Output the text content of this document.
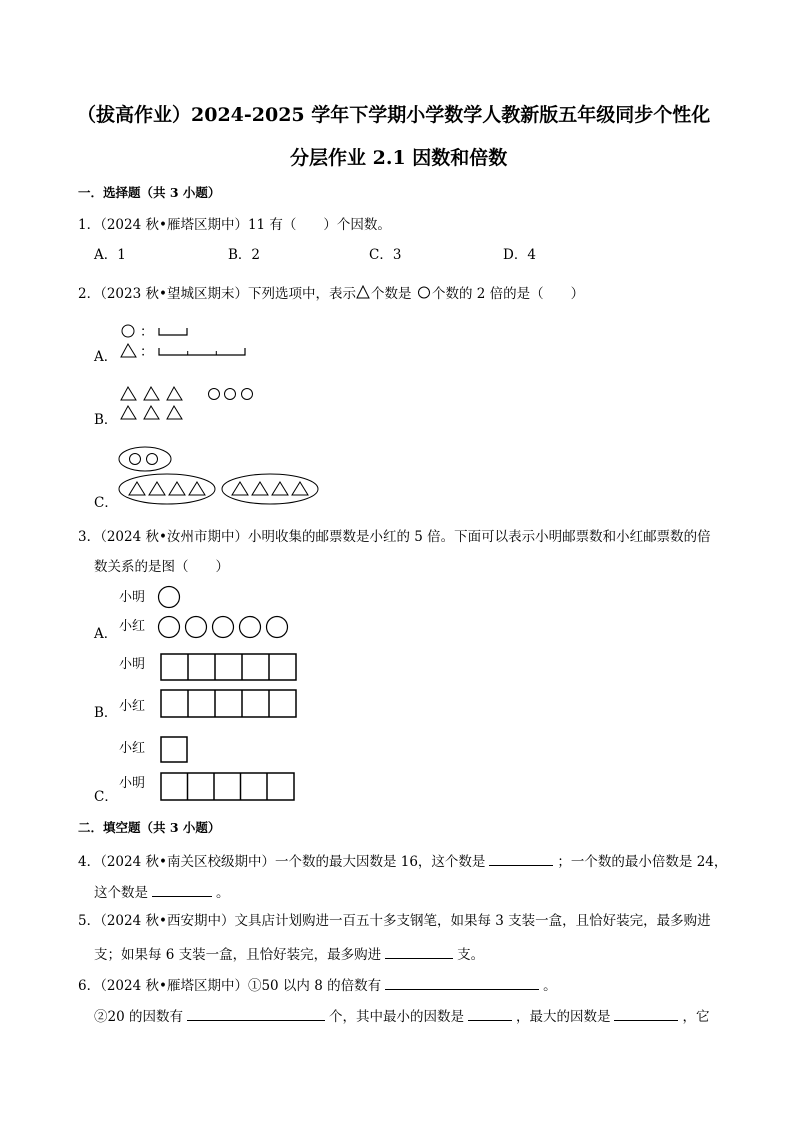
（拔高作业）2024-2025 学年下学期小学数学人教新版五年级同步个性化
分层作业 2.1 因数和倍数
一．选择题（共 3 小题）
1．（2024 秋•雁塔区期中）11 有（　　）个因数。
A．1	B．2	C．3	D．4
2．（2023 秋•望城区期末）下列选项中，表示 个数是 个数的 2 倍的是（　　）
：
A． ：
B．
C．
3．（2024 秋•汝州市期中）小明收集的邮票数是小红的 5 倍。下面可以表示小明邮票数和小红邮票数的倍
数关系的是图（　　）
小明
小红
A．
小明
小红
B．
小红
小明
C．
二．填空题（共 3 小题）
4．（2024 秋•南关区校级期中）一个数的最大因数是 16，这个数是	；一个数的最小倍数是 24，
这个数是	。
5．（2024 秋•西安期中）文具店计划购进一百五十多支钢笔，如果每 3 支装一盒，且恰好装完，最多购进
支；如果每 6 支装一盒，且恰好装完，最多购进	支。
6．（2024 秋•雁塔区期中）①50 以内 8 的倍数有	。
②20 的因数有	个，其中最小的因数是	，最大的因数是	，它
